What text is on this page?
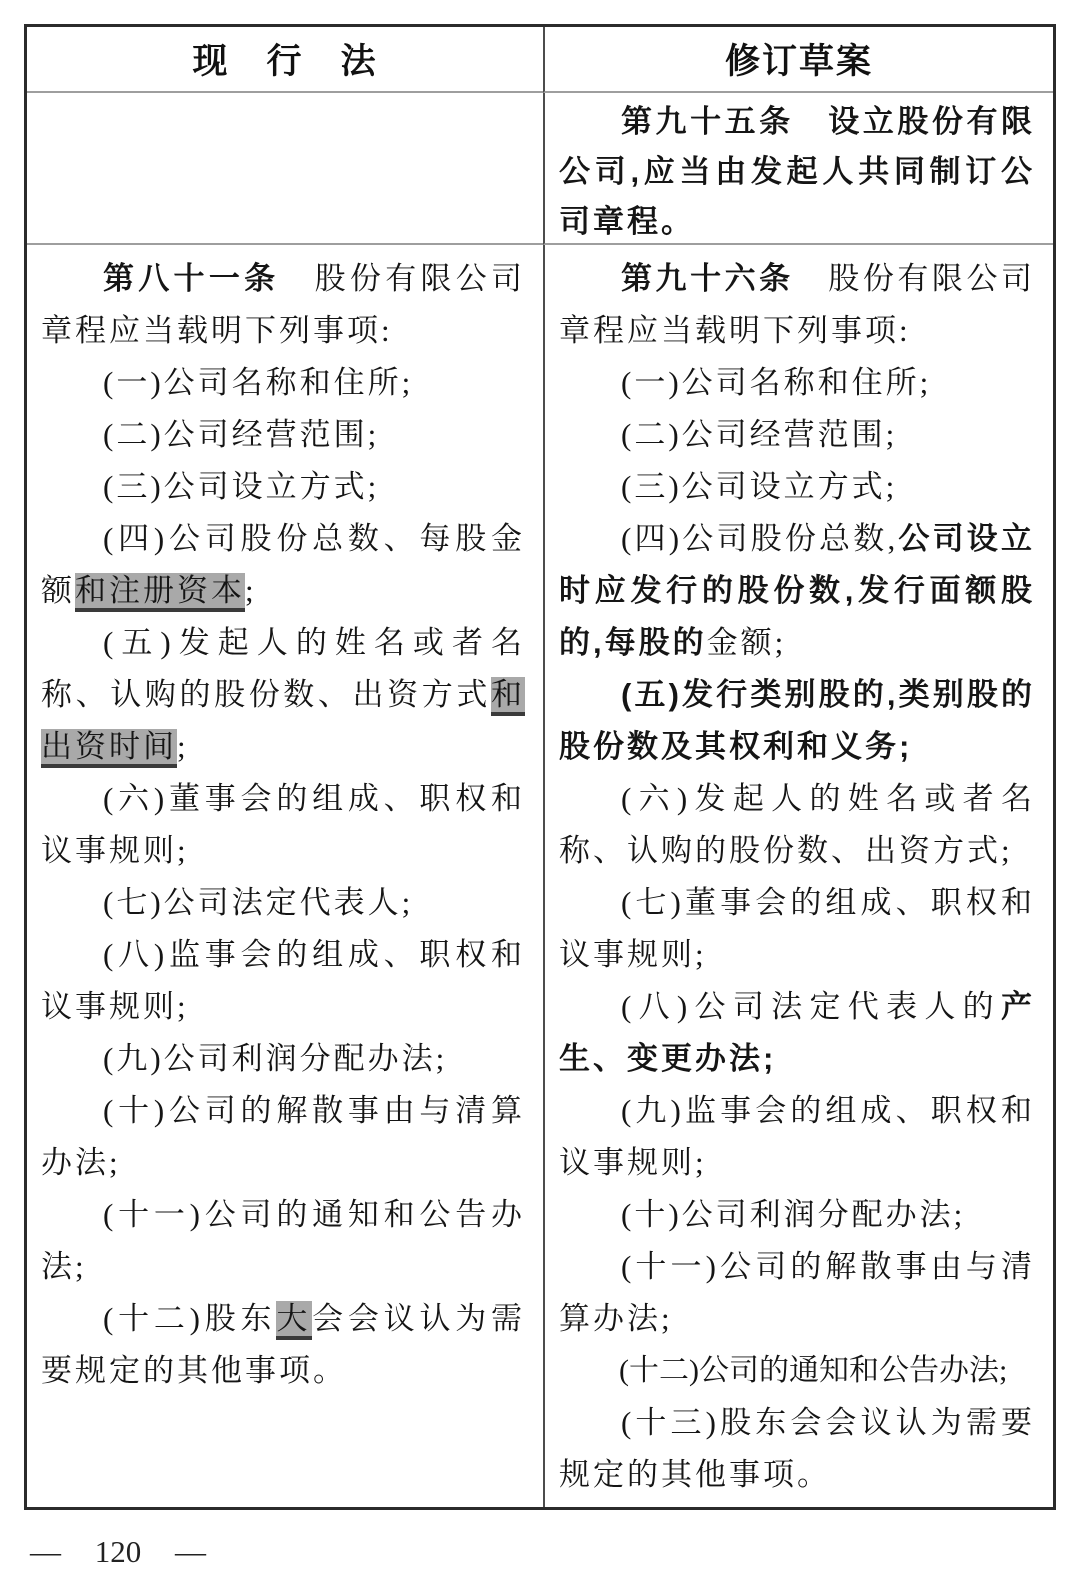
现　行　法	修订草案
第九十五条　设立股份有限公司,应当由发起人共同制订公司章程。
第八十一条　股份有限公司章程应当载明下列事项:
(一)公司名称和住所;
(二)公司经营范围;
(三)公司设立方式;
(四)公司股份总数、每股金额和注册资本;
(五)发起人的姓名或者名称、认购的股份数、出资方式和出资时间;
(六)董事会的组成、职权和议事规则;
(七)公司法定代表人;
(八)监事会的组成、职权和议事规则;
(九)公司利润分配办法;
(十)公司的解散事由与清算办法;
(十一)公司的通知和公告办法;
(十二)股东大会会议认为需要规定的其他事项。
第九十六条　股份有限公司章程应当载明下列事项:
(一)公司名称和住所;
(二)公司经营范围;
(三)公司设立方式;
(四)公司股份总数,公司设立时应发行的股份数,发行面额股的,每股的金额;
(五)发行类别股的,类别股的股份数及其权利和义务;
(六)发起人的姓名或者名称、认购的股份数、出资方式;
(七)董事会的组成、职权和议事规则;
(八)公司法定代表人的产生、变更办法;
(九)监事会的组成、职权和议事规则;
(十)公司利润分配办法;
(十一)公司的解散事由与清算办法;
(十二)公司的通知和公告办法;
(十三)股东会会议认为需要规定的其他事项。
— 120 —
